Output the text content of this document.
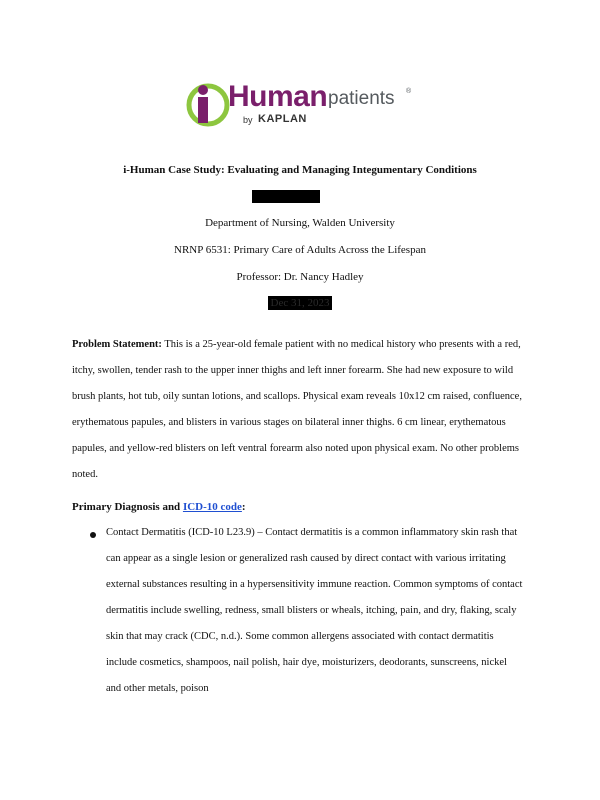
Human patients ®
by KAPLAN
i-Human Case Study: Evaluating and Managing Integumentary Conditions
Department of Nursing, Walden University
NRNP 6531: Primary Care of Adults Across the Lifespan
Professor: Dr. Nancy Hadley
Dec 31, 2023
Problem Statement: This is a 25-year-old female patient with no medical history who presents with a red, itchy, swollen, tender rash to the upper inner thighs and left inner forearm. She had new exposure to wild brush plants, hot tub, oily suntan lotions, and scallops. Physical exam reveals 10x12 cm raised, confluence, erythematous papules, and blisters in various stages on bilateral inner thighs. 6 cm linear, erythematous papules, and yellow-red blisters on left ventral forearm also noted upon physical exam. No other problems noted.
Primary Diagnosis and ICD-10 code:
Contact Dermatitis (ICD-10 L23.9) – Contact dermatitis is a common inflammatory skin rash that can appear as a single lesion or generalized rash caused by direct contact with various irritating external substances resulting in a hypersensitivity immune reaction. Common symptoms of contact dermatitis include swelling, redness, small blisters or wheals, itching, pain, and dry, flaking, scaly skin that may crack (CDC, n.d.). Some common allergens associated with contact dermatitis include cosmetics, shampoos, nail polish, hair dye, moisturizers, deodorants, sunscreens, nickel and other metals, poison
